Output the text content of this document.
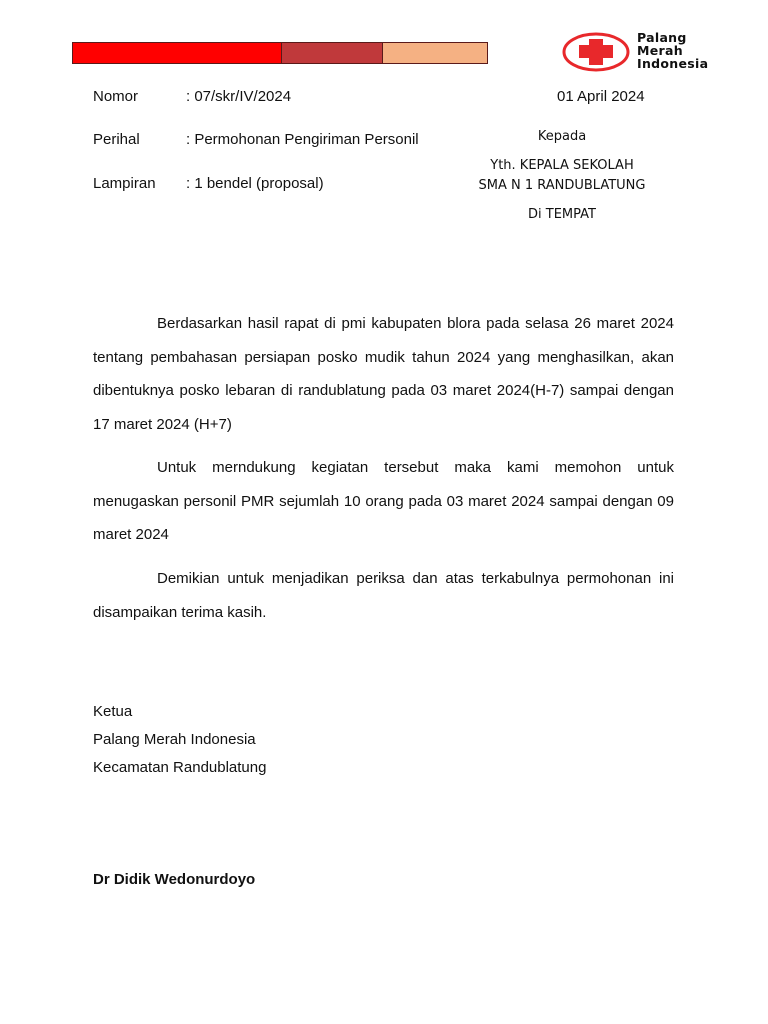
Palang
Merah
Indonesia
Nomor	: 07/skr/IV/2024	01 April 2024
Perihal	: Permohonan Pengiriman Personil
Lampiran : 1 bendel (proposal)
Kepada
Yth. KEPALA SEKOLAH
SMA N 1 RANDUBLATUNG
Di TEMPAT

Berdasarkan hasil rapat di pmi kabupaten blora pada selasa 26 maret 2024 tentang pembahasan persiapan posko mudik tahun 2024 yang menghasilkan, akan dibentuknya posko lebaran di randublatung pada 03 maret 2024(H-7) sampai dengan 17 maret 2024 (H+7)

Untuk merndukung kegiatan tersebut maka kami memohon untuk menugaskan personil PMR sejumlah 10 orang pada 03 maret 2024 sampai dengan 09 maret 2024

Demikian untuk menjadikan periksa dan atas terkabulnya permohonan ini disampaikan terima kasih.

Ketua
Palang Merah Indonesia
Kecamatan Randublatung
Dr Didik Wedonurdoyo
